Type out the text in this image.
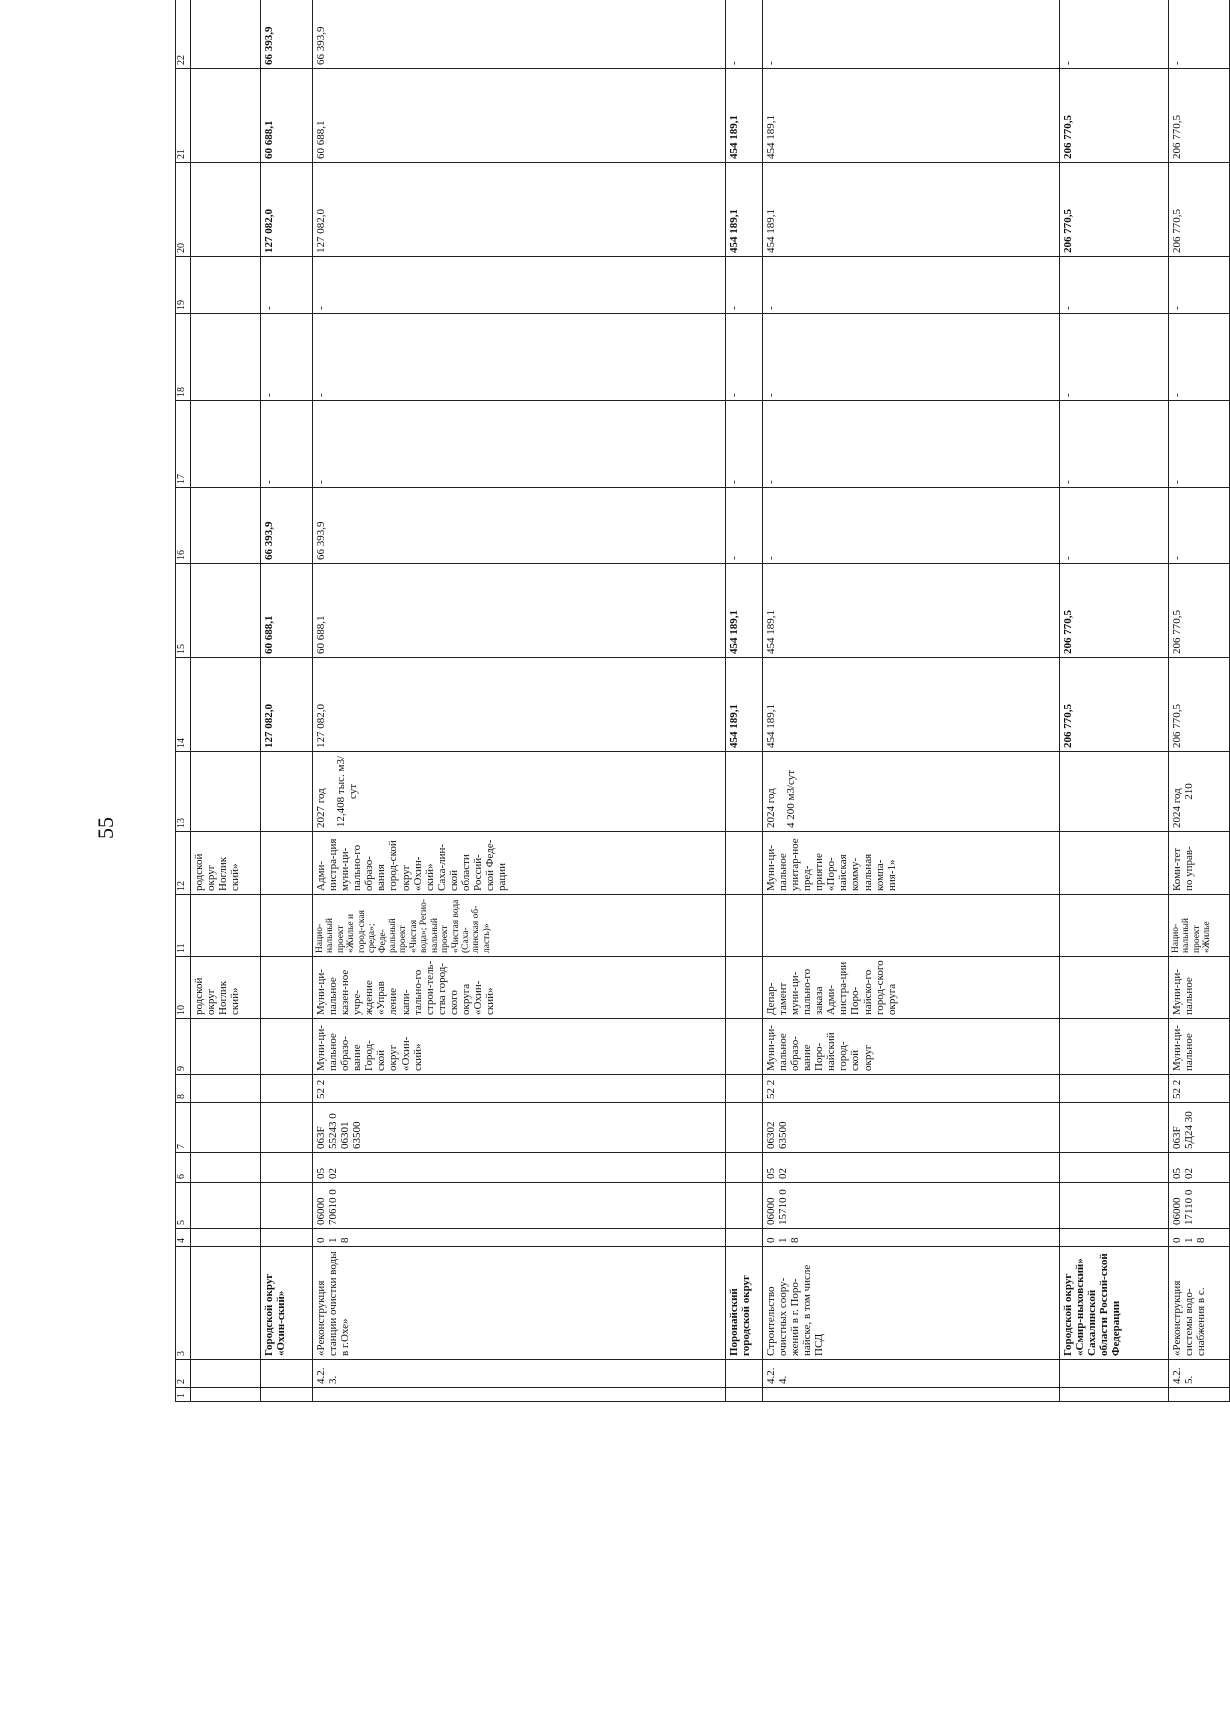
55
1	2	3	4	5	6	7	8	9	10	11	12	13	14	15	16	17	18	19	20	21	22
									родской округ Ноглик ский»		родской округ Ноглик ский»										
		Городской округ «Охин-ский»											127 082,0	60 688,1	66 393,9	-	-	-	127 082,0	60 688,1	66 393,9
	4.2.3.	«Реконструкция станции очистки воды в г.Охе»	0 1 8	06000 70610 0	05 02	063F 55243 0 06301 63500	52 2	Муни-ци-пальное образо-вание Город-ской округ «Охин-ский»	Муни-ци-пальное казен-ное учре-ждение «Управ ление капи-тально-го строи-тель-ства город-ского округа «Охин-ский»	Нацио-нальный проект «Жилье и город-ская среда»; Феде-ральный проект «Чистая вода»; Регио-нальный проект «Чистая вода (Саха-линская об-ласть)»	Адми-нистра-ция муни-ци-пально-го образо-вания город-ской округ «Охин-ский» Саха-лин-ской области Россий-ской Феде-рации	2027 год 12,408 тыс. м3/сут	127 082,0	60 688,1	66 393,9	-	-	-	127 082,0	60 688,1	66 393,9
		Поронайский городской округ											454 189,1	454 189,1	-	-	-	-	454 189,1	454 189,1	-
	4.2.4.	Строительство очистных соору-жений в г. Поро-найске, в том числе ПСД	0 1 8	06000 15710 0	05 02	06302 63500	52 2	Муни-ци-пальное образо-вание Поро-найский город-ской округ	Депар-тамент муни-ци-пально-го заказа Адми-нистра-ции Поро-найско-го город-ского округа		Муни-ци-пальное унитар-ное пред-приятие «Поро-найская комму-нальная компа-ния-1»	2024 год 4 200 м3/сут	454 189,1	454 189,1	-	-	-	-	454 189,1	454 189,1	-
		Городской округ «Смир-ныховский» Сахалинской области Россий-ской Федерации											206 770,5	206 770,5	-	-	-	-	206 770,5	206 770,5	-
	4.2.5.	«Реконструкция системы водо-снабжения в с.	0 1 8	06000 17110 0	05 02	063F 5Д24 30	52 2	Муни-ци-пальное	Муни-ци-пальное	Нацио-нальный проект «Жилье	Коми-тет по управ-	2024 год 210	206 770,5	206 770,5	-	-	-	-	206 770,5	206 770,5	-
